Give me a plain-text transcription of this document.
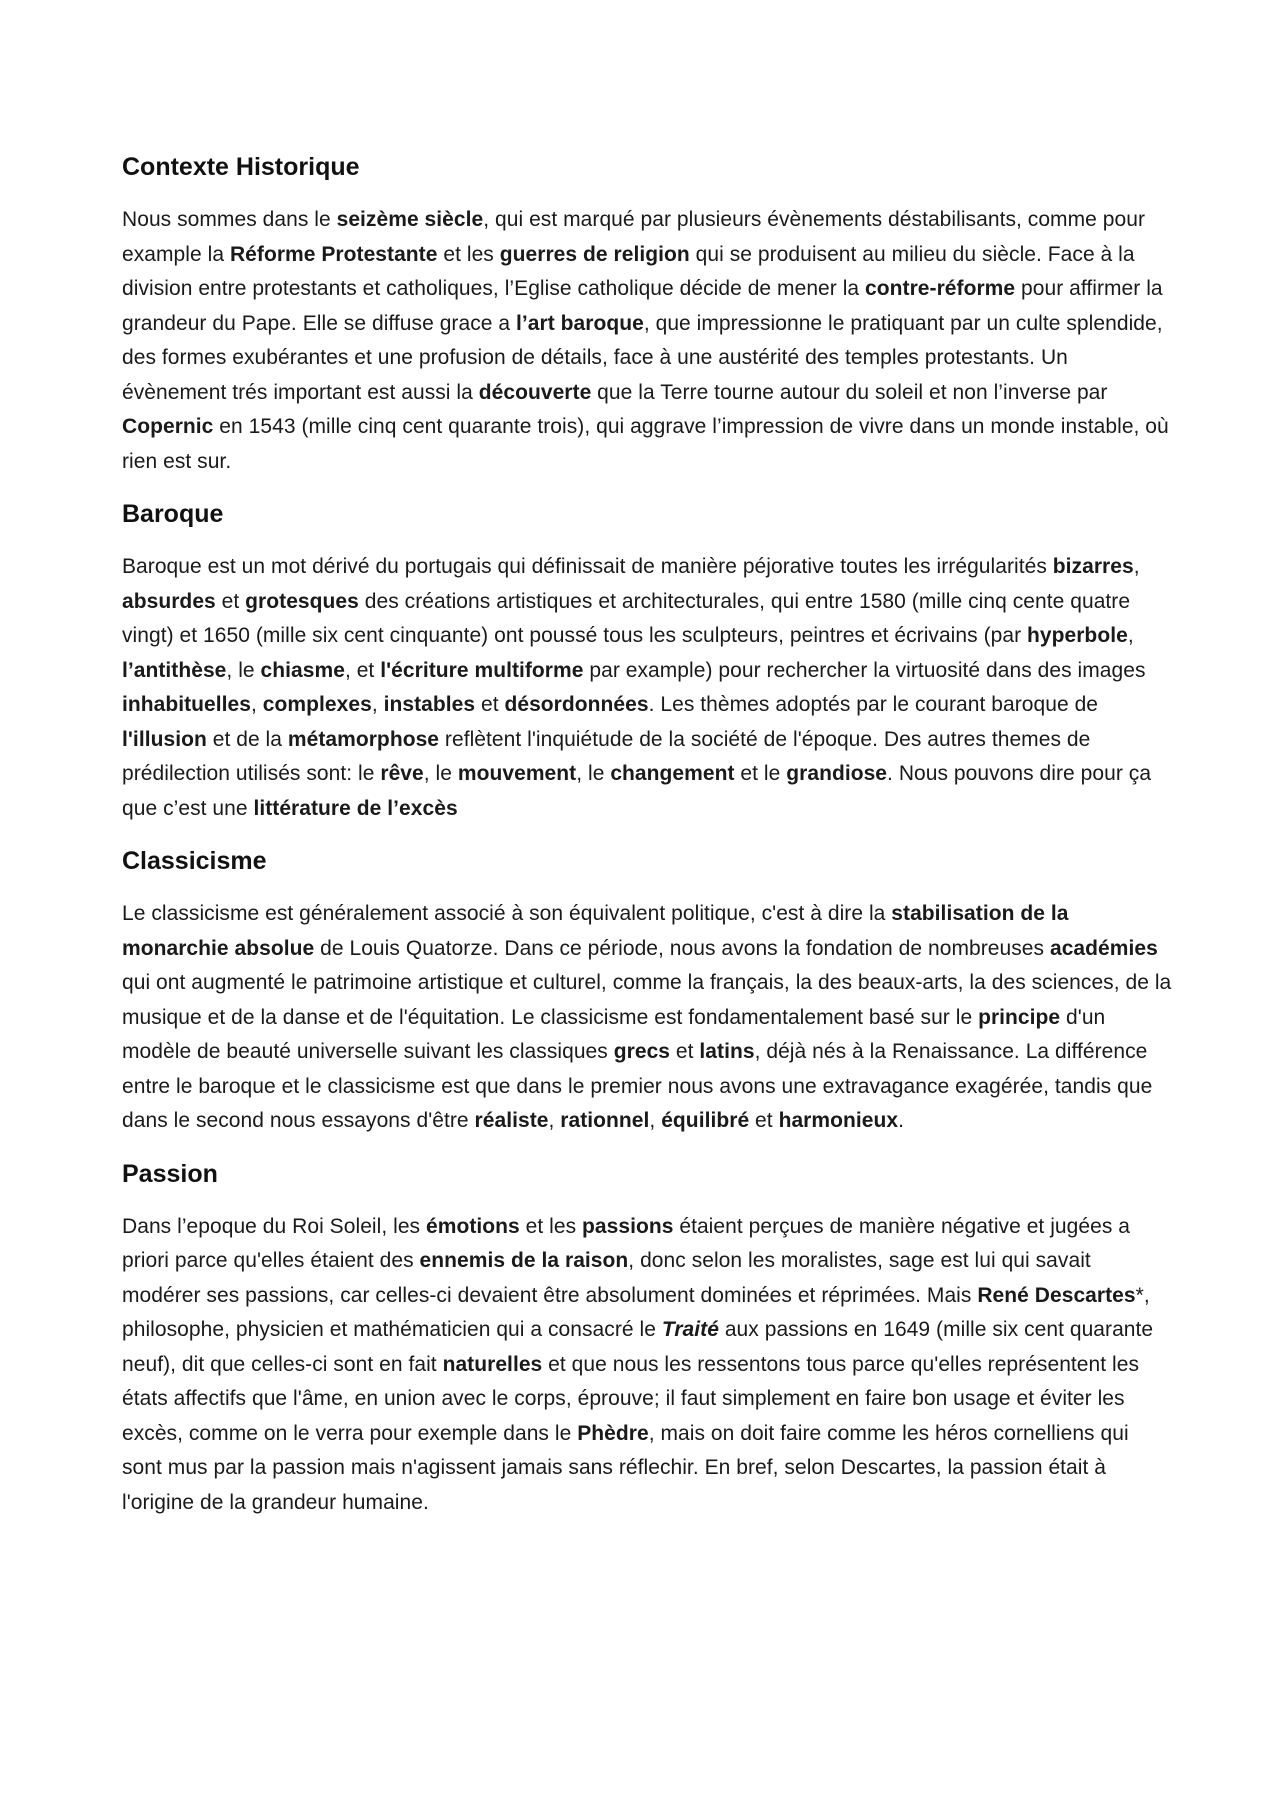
Contexte Historique

Nous sommes dans le seizème siècle, qui est marqué par plusieurs évènements déstabilisants, comme pour example la Réforme Protestante et les guerres de religion qui se produisent au milieu du siècle. Face à la division entre protestants et catholiques, l’Eglise catholique décide de mener la contre-réforme pour affirmer la grandeur du Pape. Elle se diffuse grace a l’art baroque, que impressionne le pratiquant par un culte splendide, des formes exubérantes et une profusion de détails, face à une austérité des temples protestants. Un évènement trés important est aussi la découverte que la Terre tourne autour du soleil et non l’inverse par Copernic en 1543 (mille cinq cent quarante trois), qui aggrave l’impression de vivre dans un monde instable, où rien est sur.

Baroque

Baroque est un mot dérivé du portugais qui définissait de manière péjorative toutes les irrégularités bizarres, absurdes et grotesques des créations artistiques et architecturales, qui entre 1580 (mille cinq cente quatre vingt) et 1650 (mille six cent cinquante) ont poussé tous les sculpteurs, peintres et écrivains (par hyperbole, l’antithèse, le chiasme, et l'écriture multiforme par example) pour rechercher la virtuosité dans des images inhabituelles, complexes, instables et désordonnées. Les thèmes adoptés par le courant baroque de l'illusion et de la métamorphose reflètent l'inquiétude de la société de l'époque. Des autres themes de prédilection utilisés sont: le rêve, le mouvement, le changement et le grandiose. Nous pouvons dire pour ça que c’est une littérature de l’excès

Classicisme

Le classicisme est généralement associé à son équivalent politique, c'est à dire la stabilisation de la monarchie absolue de Louis Quatorze. Dans ce période, nous avons la fondation de nombreuses académies qui ont augmenté le patrimoine artistique et culturel, comme la français, la des beaux-arts, la des sciences, de la musique et de la danse et de l'équitation. Le classicisme est fondamentalement basé sur le principe d'un modèle de beauté universelle suivant les classiques grecs et latins, déjà nés à la Renaissance. La différence entre le baroque et le classicisme est que dans le premier nous avons une extravagance exagérée, tandis que dans le second nous essayons d'être réaliste, rationnel, équilibré et harmonieux.

Passion

Dans l’epoque du Roi Soleil, les émotions et les passions étaient perçues de manière négative et jugées a priori parce qu'elles étaient des ennemis de la raison, donc selon les moralistes, sage est lui qui savait modérer ses passions, car celles-ci devaient être absolument dominées et réprimées. Mais René Descartes*, philosophe, physicien et mathématicien qui a consacré le Traité aux passions en 1649 (mille six cent quarante neuf), dit que celles-ci sont en fait naturelles et que nous les ressentons tous parce qu'elles représentent les états affectifs que l'âme, en union avec le corps, éprouve; il faut simplement en faire bon usage et éviter les excès, comme on le verra pour exemple dans le Phèdre, mais on doit faire comme les héros cornelliens qui sont mus par la passion mais n'agissent jamais sans réflechir. En bref, selon Descartes, la passion était à l'origine de la grandeur humaine.
